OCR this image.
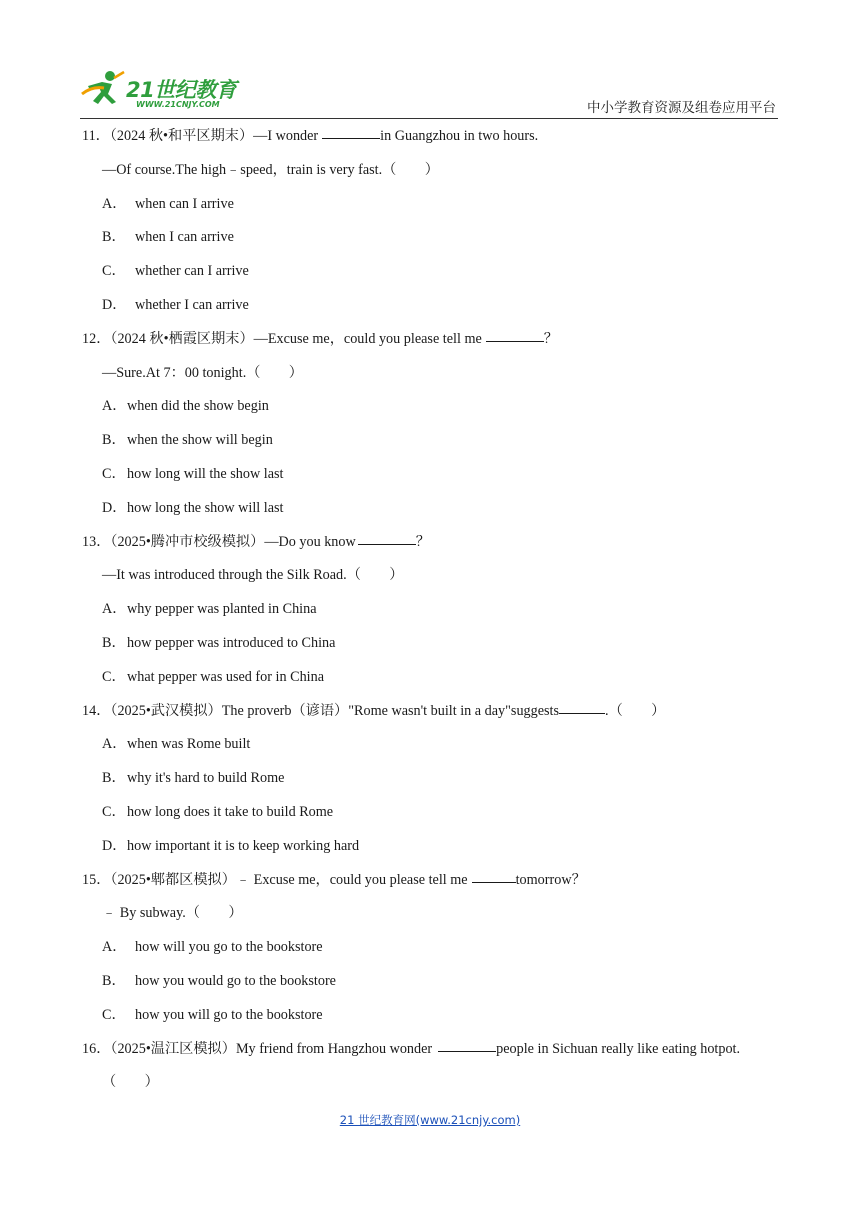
21世纪教育
WWW.21CNJY.COM	中小学教育资源及组卷应用平台
11．（2024 秋•和平区期末） —I wonder	in Guangzhou in two hours.
—Of course.The high﹣speed，train is very fast.（　　）
A． when can I arrive
B． when I can arrive
C． whether can I arrive
D． whether I can arrive
12．（2024 秋•栖霞区期末） —Excuse me，could you please tell me	？
—Sure.At 7：00 tonight.（　　）
A． when did the show begin
B． when the show will begin
C． how long will the show last
D． how long the show will last
13．（2025•腾冲市校级模拟） —Do you know	？
—It was introduced through the Silk Road.（　　）
A． why pepper was planted in China
B． how pepper was introduced to China
C． what pepper was used for in China
14．（2025•武汉模拟） The proverb（谚语）"Rome wasn't built in a day"suggests	.（　　）
A． when was Rome built
B． why it's hard to build Rome
C． how long does it take to build Rome
D． how important it is to keep working hard
15．（2025•郫都区模拟） ﹣ Excuse me，could you please tell me	tomorrow？
﹣ By subway.（　　）
A． how will you go to the bookstore
B． how you would go to the bookstore
C． how you will go to the bookstore
16．（2025•温江区模拟） My friend from Hangzhou wonder	people in Sichuan really like eating hotpot.
（　　）
21 世纪教育网(www.21cnjy.com)
